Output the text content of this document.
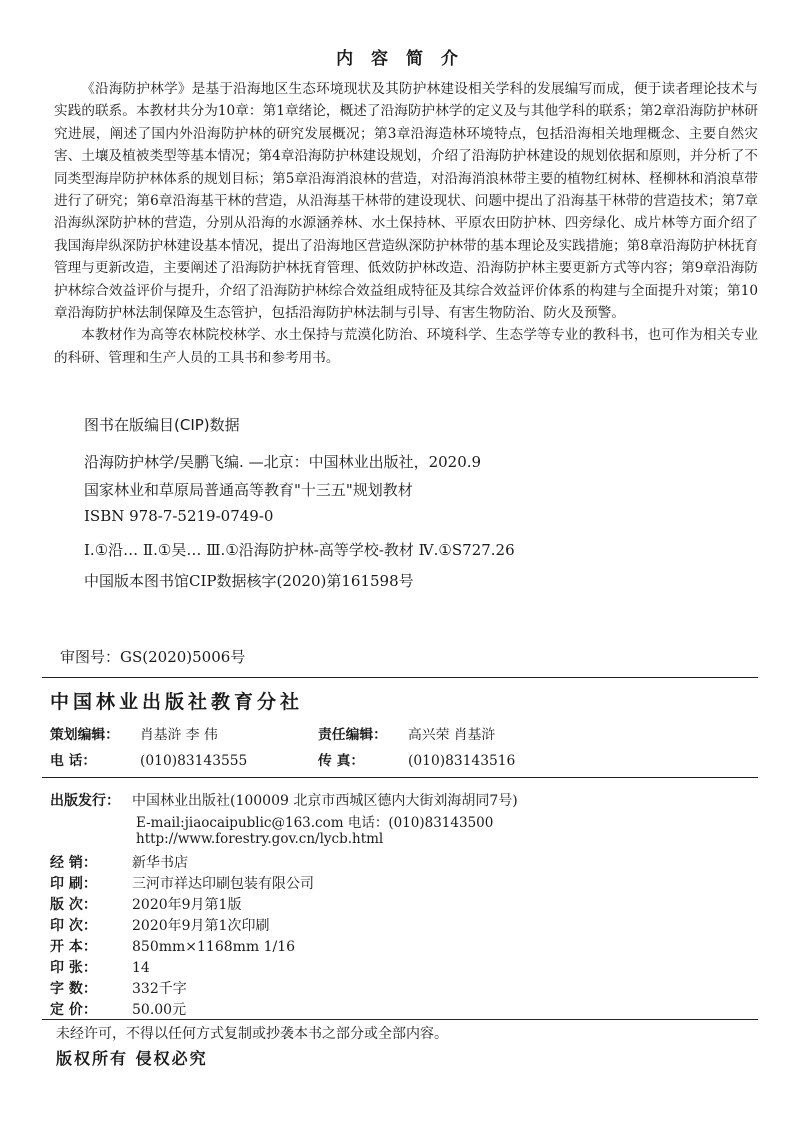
内 容 简 介

《沿海防护林学》是基于沿海地区生态环境现状及其防护林建设相关学科的发展编写而成，便于读者理论技术与实践的联系。本教材共分为10章：第1章绪论，概述了沿海防护林学的定义及与其他学科的联系；第2章沿海防护林研究进展，阐述了国内外沿海防护林的研究发展概况；第3章沿海造林环境特点，包括沿海相关地理概念、主要自然灾害、土壤及植被类型等基本情况；第4章沿海防护林建设规划，介绍了沿海防护林建设的规划依据和原则，并分析了不同类型海岸防护林体系的规划目标；第5章沿海消浪林的营造，对沿海消浪林带主要的植物红树林、柽柳林和消浪草带进行了研究；第6章沿海基干林的营造，从沿海基干林带的建设现状、问题中提出了沿海基干林带的营造技术；第7章沿海纵深防护林的营造，分别从沿海的水源涵养林、水土保持林、平原农田防护林、四旁绿化、成片林等方面介绍了我国海岸纵深防护林建设基本情况，提出了沿海地区营造纵深防护林带的基本理论及实践措施；第8章沿海防护林抚育管理与更新改造，主要阐述了沿海防护林抚育管理、低效防护林改造、沿海防护林主要更新方式等内容；第9章沿海防护林综合效益评价与提升，介绍了沿海防护林综合效益组成特征及其综合效益评价体系的构建与全面提升对策；第10章沿海防护林法制保障及生态管护，包括沿海防护林法制与引导、有害生物防治、防火及预警。

本教材作为高等农林院校林学、水土保持与荒漠化防治、环境科学、生态学等专业的教科书，也可作为相关专业的科研、管理和生产人员的工具书和参考用书。

图书在版编目(CIP)数据
沿海防护林学/吴鹏飞编. —北京：中国林业出版社，2020.9
国家林业和草原局普通高等教育"十三五"规划教材
ISBN 978-7-5219-0749-0
Ⅰ.①沿… Ⅱ.①吴… Ⅲ.①沿海防护林-高等学校-教材 Ⅳ.①S727.26
中国版本图书馆CIP数据核字(2020)第161598号
审图号：GS(2020)5006号
中国林业出版社教育分社
策划编辑： 肖基浒 李 伟	责任编辑： 高兴荣 肖基浒
电 话：	(010)83143555	传 真：	(010)83143516
出版发行： 中国林业出版社(100009 北京市西城区德内大街刘海胡同7号)
E-mail:jiaocaipublic@163.com 电话：(010)83143500
http://www.forestry.gov.cn/lycb.html
经 销：	新华书店
印 刷：	三河市祥达印刷包装有限公司
版 次：	2020年9月第1版
印 次：	2020年9月第1次印刷
开 本：	850mm×1168mm 1/16
印 张：	14
字 数：	332千字
定 价：	50.00元
未经许可，不得以任何方式复制或抄袭本书之部分或全部内容。
版权所有 侵权必究
